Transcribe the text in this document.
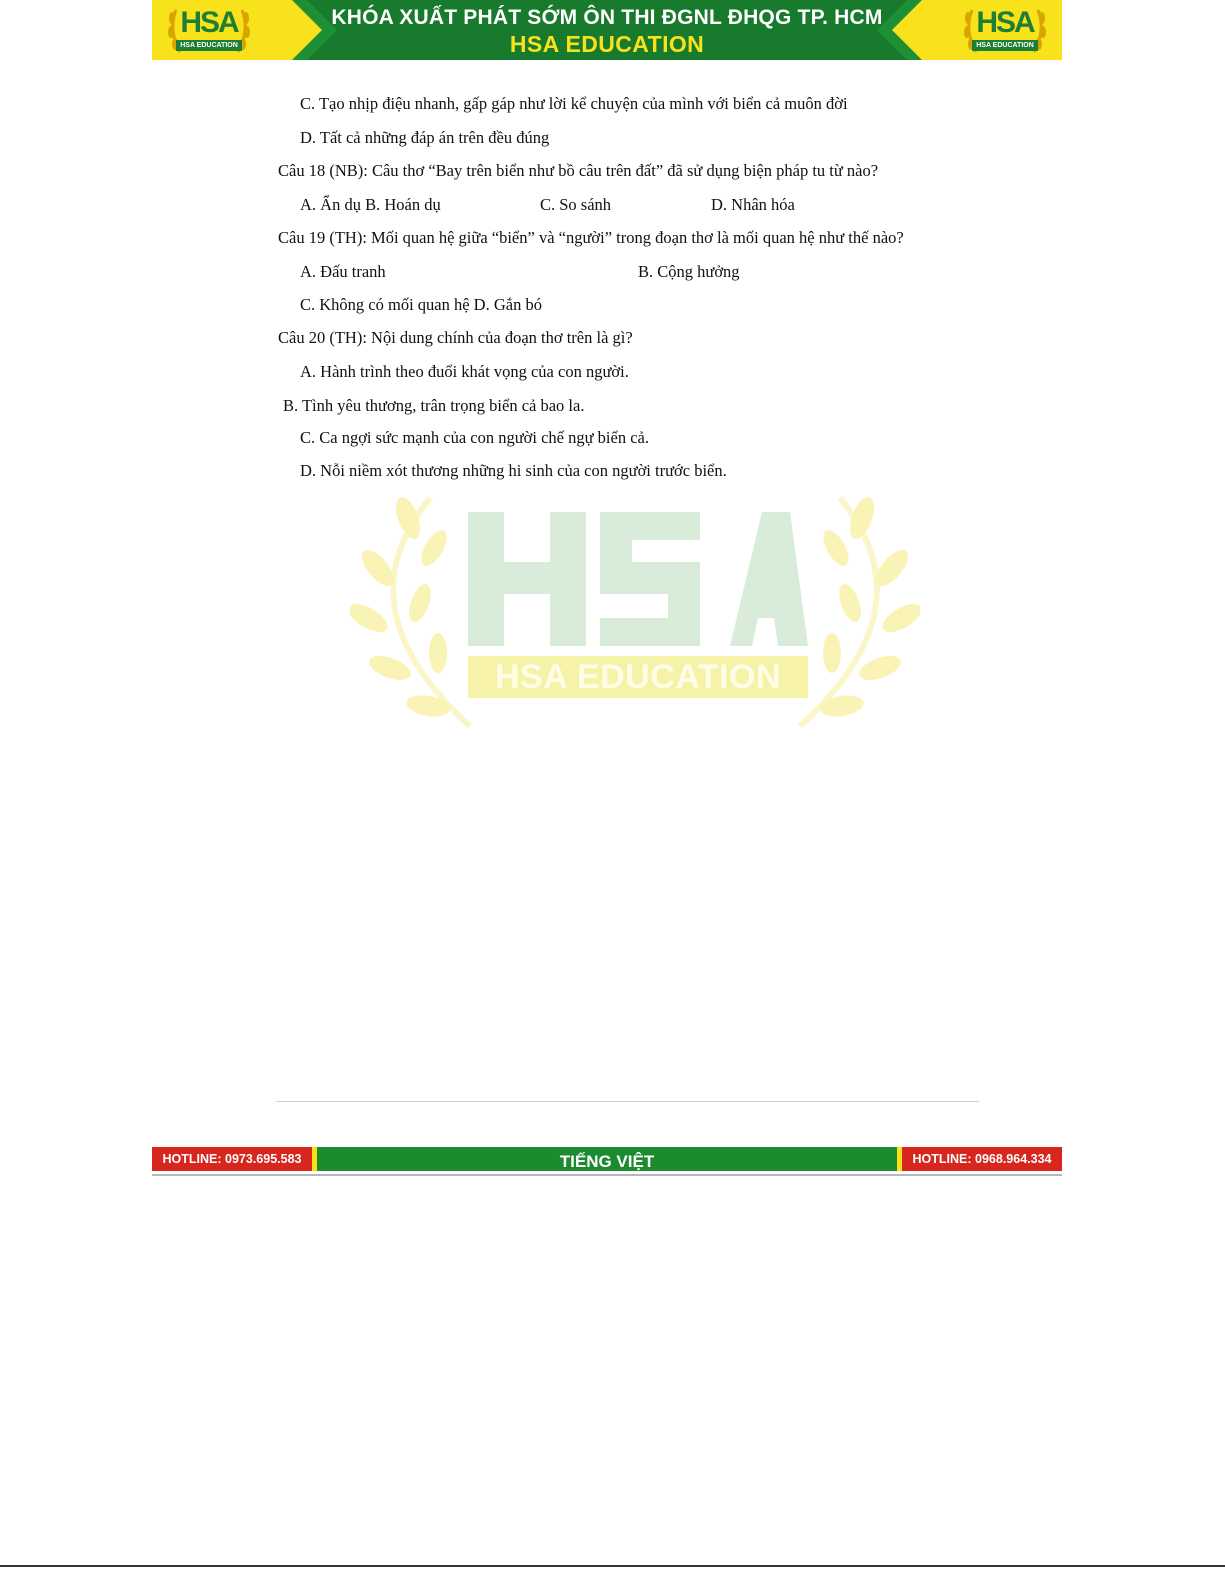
HSA
HSA EDUCATION
KHÓA XUẤT PHÁT SỚM ÔN THI ĐGNL ĐHQG TP. HCM
HSA EDUCATION
HSA
HSA EDUCATION
HSA EDUCATION
C. Tạo nhịp điệu nhanh, gấp gáp như lời kể chuyện của mình với biển cả muôn đời
D. Tất cả những đáp án trên đều đúng
Câu 18 (NB): Câu thơ “Bay trên biển như bồ câu trên đất” đã sử dụng biện pháp tu từ nào?
A. Ẩn dụ B. Hoán dụ	C. So sánh	D. Nhân hóa
Câu 19 (TH): Mối quan hệ giữa “biển” và “người” trong đoạn thơ là mối quan hệ như thế nào?
A. Đấu tranh	B. Cộng hưởng
C. Không có mối quan hệ D. Gắn bó
Câu 20 (TH): Nội dung chính của đoạn thơ trên là gì?
A. Hành trình theo đuổi khát vọng của con người.
B. Tình yêu thương, trân trọng biển cả bao la.
C. Ca ngợi sức mạnh của con người chế ngự biển cả.
D. Nỗi niềm xót thương những hi sinh của con người trước biển.
HOTLINE: 0973.695.583	TIẾNG VIỆT	HOTLINE: 0968.964.334
